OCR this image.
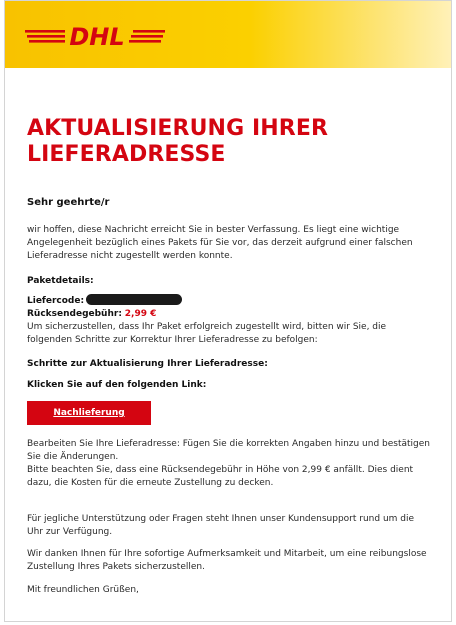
DHL
AKTUALISIERUNG IHRER LIEFERADRESSE
Sehr geehrte/r
wir hoffen, diese Nachricht erreicht Sie in bester Verfassung. Es liegt eine wichtige Angelegenheit bezüglich eines Pakets für Sie vor, das derzeit aufgrund einer falschen Lieferadresse nicht zugestellt werden konnte.
Paketdetails:
Liefercode:
Rücksendegebühr: 2,99 €
Um sicherzustellen, dass Ihr Paket erfolgreich zugestellt wird, bitten wir Sie, die folgenden Schritte zur Korrektur Ihrer Lieferadresse zu befolgen:
Schritte zur Aktualisierung Ihrer Lieferadresse:
Klicken Sie auf den folgenden Link:
Nachlieferung
Bearbeiten Sie Ihre Lieferadresse: Fügen Sie die korrekten Angaben hinzu und bestätigen Sie die Änderungen.
Bitte beachten Sie, dass eine Rücksendegebühr in Höhe von 2,99 € anfällt. Dies dient dazu, die Kosten für die erneute Zustellung zu decken.
Für jegliche Unterstützung oder Fragen steht Ihnen unser Kundensupport rund um die Uhr zur Verfügung.
Wir danken Ihnen für Ihre sofortige Aufmerksamkeit und Mitarbeit, um eine reibungslose Zustellung Ihres Pakets sicherzustellen.
Mit freundlichen Grüßen,
